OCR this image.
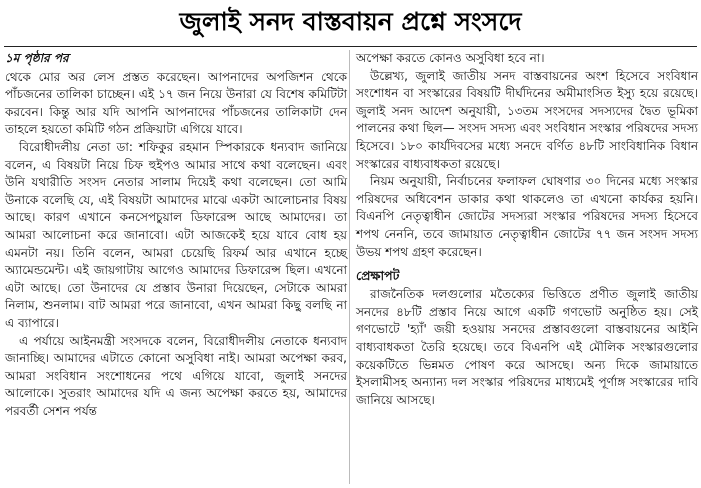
জুলাই সনদ বাস্তবায়ন প্রশ্নে সংসদে
১ম পৃষ্ঠার পর

থেকে মোর অর লেস প্রস্তত করেছেন। আপনাদের অপজিশন থেকে পাঁচজনের তালিকা চাচ্ছেন। এই ১৭ জন নিয়ে উনারা যে বিশেষ কমিটিটা করবেন। কিন্তু আর যদি আপনি আপনাদের পাঁচজনের তালিকাটা দেন তাহলে হয়তো কমিটি গঠন প্রক্রিয়াটা এগিয়ে যাবে।

বিরোধীদলীয় নেতা ডা: শফিকুর রহমান স্পিকারকে ধন্যবাদ জানিয়ে বলেন, এ বিষয়টা নিয়ে চিফ হুইপও আমার সাথে কথা বলেছেন। এবং উনি যথারীতি সংসদ নেতার সালাম দিয়েই কথা বলেছেন। তো আমি উনাকে বলেছি যে, এই বিষয়টা আমাদের মাঝে একটা আলোচনার বিষয় আছে। কারণ এখানে কনসেপচুয়াল ডিফারেন্স আছে আমাদের। তা আমরা আলোচনা করে জানাবো। এটা আজকেই হয়ে যাবে বোধ হয় এমনটা নয়। তিনি বলেন, আমরা চেয়েছি রিফর্ম আর এখানে হচ্ছে অ্যামেন্ডমেন্ট। এই জায়গাটায় আগেও আমাদের ডিফারেন্স ছিল। এখনো এটা আছে। তো উনাদের যে প্রস্তাব উনারা দিয়েছেন, সেটাকে আমরা নিলাম, শুনলাম। বাট আমরা পরে জানাবো, এখন আমরা কিছু বলছি না এ ব্যাপারে।

এ পর্যায়ে আইনমন্ত্রী সংসদকে বলেন, বিরোধীদলীয় নেতাকে ধন্যবাদ জানাচ্ছি। আমাদের এটাতে কোনো অসুবিধা নাই। আমরা অপেক্ষা করব, আমরা সংবিধান সংশোধনের পথে এগিয়ে যাবো, জুলাই সনদের আলোকে। সুতরাং আমাদের যদি এ জন্য অপেক্ষা করতে হয়, আমাদের পরবর্তী সেশন পর্যন্ত

অপেক্ষা করতে কোনও অসুবিধা হবে না।

উল্লেখ্য, জুলাই জাতীয় সনদ বাস্তবায়নের অংশ হিসেবে সংবিধান সংশোধন বা সংস্কারের বিষয়টি দীর্ঘদিনের অমীমাংসিত ইস্যু হয়ে রয়েছে। জুলাই সনদ আদেশ অনুযায়ী, ১৩তম সংসদের সদস্যদের দ্বৈত ভূমিকা পালনের কথা ছিল— সংসদ সদস্য এবং সংবিধান সংস্কার পরিষদের সদস্য হিসেবে। ১৮০ কার্যদিবসের মধ্যে সনদে বর্ণিত ৪৮টি সাংবিধানিক বিধান সংস্কারের বাধ্যবাধকতা রয়েছে।

নিয়ম অনুযায়ী, নির্বাচনের ফলাফল ঘোষণার ৩০ দিনের মধ্যে সংস্কার পরিষদের অধিবেশন ডাকার কথা থাকলেও তা এখনো কার্যকর হয়নি। বিএনপি নেতৃত্বাধীন জোটের সদস্যরা সংস্কার পরিষদের সদস্য হিসেবে শপথ নেননি, তবে জামায়াত নেতৃত্বাধীন জোটের ৭৭ জন সংসদ সদস্য উভয় শপথ গ্রহণ করেছেন।

প্রেক্ষাপট

রাজনৈতিক দলগুলোর মতৈক্যের ভিত্তিতে প্রণীত জুলাই জাতীয় সনদের ৪৮টি প্রস্তাব নিয়ে আগে একটি গণভোট অনুষ্ঠিত হয়। সেই গণভোটে 'হ্যাঁ' জয়ী হওয়ায় সনদের প্রস্তাবগুলো বাস্তবায়নের আইনি বাধ্যবাধকতা তৈরি হয়েছে। তবে বিএনপি এই মৌলিক সংস্কারগুলোর কয়েকটিতে ভিন্নমত পোষণ করে আসছে। অন্য দিকে জামায়াতে ইসলামীসহ অন্যান্য দল সংস্কার পরিষদের মাধ্যমেই পূর্ণাঙ্গ সংস্কারের দাবি জানিয়ে আসছে।
